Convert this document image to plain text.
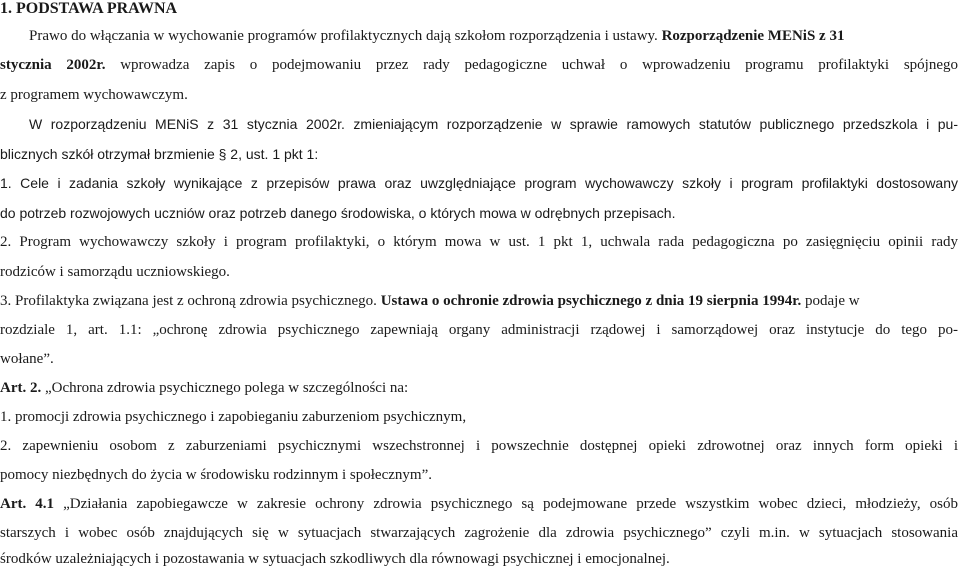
1. PODSTAWA PRAWNA
Prawo do włączania w wychowanie programów profilaktycznych dają szkołom rozporządzenia i ustawy. Rozporządzenie MENiS z 31
stycznia 2002r. wprowadza zapis o podejmowaniu przez rady pedagogiczne uchwał o wprowadzeniu programu profilaktyki spójnego
z programem wychowawczym.
W rozporządzeniu MENiS z 31 stycznia 2002r. zmieniającym rozporządzenie w sprawie ramowych statutów publicznego przedszkola i pu-
blicznych szkół otrzymał brzmienie § 2, ust. 1 pkt 1:
1. Cele i zadania szkoły wynikające z przepisów prawa oraz uwzględniające program wychowawczy szkoły i program profilaktyki dostosowany
do potrzeb rozwojowych uczniów oraz potrzeb danego środowiska, o których mowa w odrębnych przepisach.
2. Program wychowawczy szkoły i program profilaktyki, o którym mowa w ust. 1 pkt 1, uchwala rada pedagogiczna po zasięgnięciu opinii rady
rodziców i samorządu uczniowskiego.
3. Profilaktyka związana jest z ochroną zdrowia psychicznego. Ustawa o ochronie zdrowia psychicznego z dnia 19 sierpnia 1994r. podaje w
rozdziale 1, art. 1.1: „ochronę zdrowia psychicznego zapewniają organy administracji rządowej i samorządowej oraz instytucje do tego po-
wołane”.
Art. 2. „Ochrona zdrowia psychicznego polega w szczególności na:
1. promocji zdrowia psychicznego i zapobieganiu zaburzeniom psychicznym,
2. zapewnieniu osobom z zaburzeniami psychicznymi wszechstronnej i powszechnie dostępnej opieki zdrowotnej oraz innych form opieki i
pomocy niezbędnych do życia w środowisku rodzinnym i społecznym”.
Art. 4.1 „Działania zapobiegawcze w zakresie ochrony zdrowia psychicznego są podejmowane przede wszystkim wobec dzieci, młodzieży, osób
starszych i wobec osób znajdujących się w sytuacjach stwarzających zagrożenie dla zdrowia psychicznego” czyli m.in. w sytuacjach stosowania
środków uzależniających i pozostawania w sytuacjach szkodliwych dla równowagi psychicznej i emocjonalnej.
